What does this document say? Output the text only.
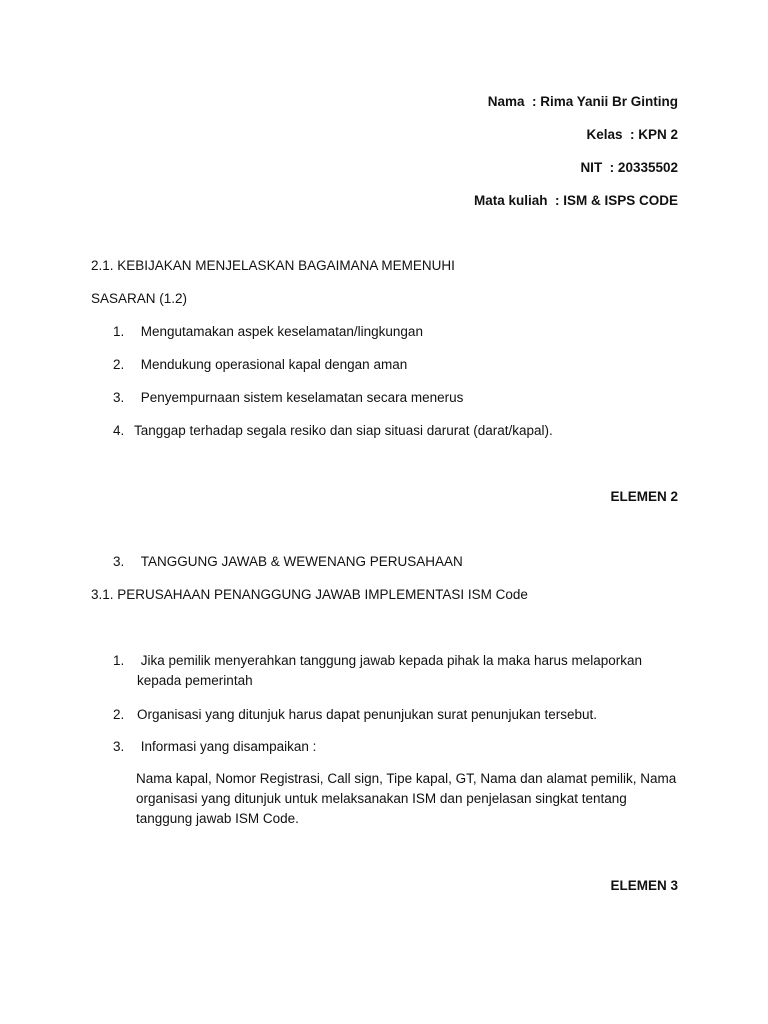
Nama  : Rima Yanii Br Ginting
Kelas  : KPN 2
NIT  : 20335502
Mata kuliah  : ISM & ISPS CODE
2.1. KEBIJAKAN MENJELASKAN BAGAIMANA MEMENUHI
SASARAN (1.2)
1. Mengutamakan aspek keselamatan/lingkungan
2. Mendukung operasional kapal dengan aman
3. Penyempurnaan sistem keselamatan secara menerus
4. Tanggap terhadap segala resiko dan siap situasi darurat (darat/kapal).
ELEMEN 2
3. TANGGUNG JAWAB & WEWENANG PERUSAHAAN
3.1. PERUSAHAAN PENANGGUNG JAWAB IMPLEMENTASI ISM Code
1. Jika pemilik menyerahkan tanggung jawab kepada pihak la maka harus melaporkan
kepada pemerintah
2. Organisasi yang ditunjuk harus dapat penunjukan surat penunjukan tersebut.
3. Informasi yang disampaikan :
Nama kapal, Nomor Registrasi, Call sign, Tipe kapal, GT, Nama dan alamat pemilik, Nama organisasi yang ditunjuk untuk melaksanakan ISM dan penjelasan singkat tentang tanggung jawab ISM Code.
ELEMEN 3
